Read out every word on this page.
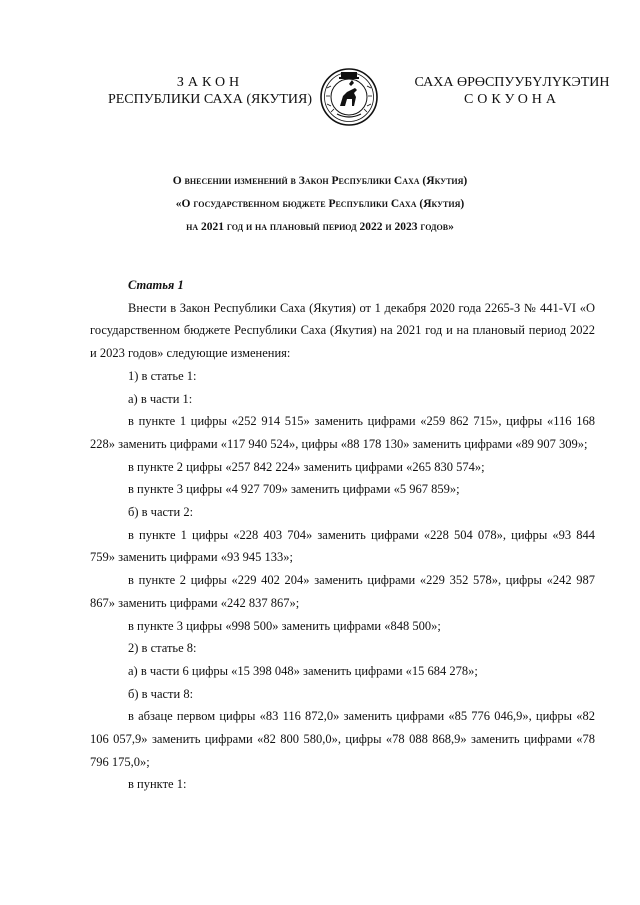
ЗАКОН
РЕСПУБЛИКИ САХА (ЯКУТИЯ)
САХА ӨРӨСПУУБҮЛҮКЭТИН
СОКУОНА
О внесении изменений в Закон Республики Саха (Якутия)
«О государственном бюджете Республики Саха (Якутия)
на 2021 год и на плановый период 2022 и 2023 годов»
Статья 1

Внести в Закон Республики Саха (Якутия) от 1 декабря 2020 года 2265-З № 441-VI «О государственном бюджете Республики Саха (Якутия) на 2021 год и на плановый период 2022 и 2023 годов» следующие изменения:

1) в статье 1:

а) в части 1:

в пункте 1 цифры «252 914 515» заменить цифрами «259 862 715», цифры «116 168 228» заменить цифрами «117 940 524», цифры «88 178 130» заменить цифрами «89 907 309»;

в пункте 2 цифры «257 842 224» заменить цифрами «265 830 574»;

в пункте 3 цифры «4 927 709» заменить цифрами «5 967 859»;

б) в части 2:

в пункте 1 цифры «228 403 704» заменить цифрами «228 504 078», цифры «93 844 759» заменить цифрами «93 945 133»;

в пункте 2 цифры «229 402 204» заменить цифрами «229 352 578», цифры «242 987 867» заменить цифрами «242 837 867»;

в пункте 3 цифры «998 500» заменить цифрами «848 500»;

2) в статье 8:

а) в части 6 цифры «15 398 048» заменить цифрами «15 684 278»;

б) в части 8:

в абзаце первом цифры «83 116 872,0» заменить цифрами «85 776 046,9», цифры «82 106 057,9» заменить цифрами «82 800 580,0», цифры «78 088 868,9» заменить цифрами «78 796 175,0»;

в пункте 1:
